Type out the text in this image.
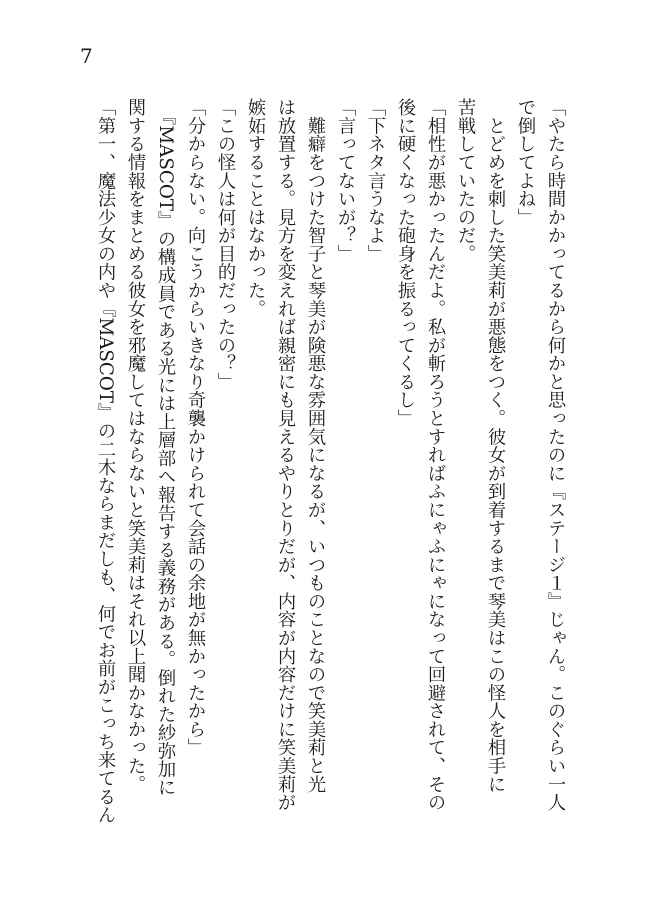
7
「やたら時間かかってるから何かと思ったのに『ステージ１』じゃん。このぐらい一人
で倒してよね」
　とどめを刺した笑美莉が悪態をつく。彼女が到着するまで琴美はこの怪人を相手に
苦戦していたのだ。
「相性が悪かったんだよ。私が斬ろうとすればふにゃふにゃになって回避されて、その
後に硬くなった砲身を振るってくるし」
「下ネタ言うなよ」
「言ってないが？」
　難癖をつけた智子と琴美が険悪な雰囲気になるが、いつものことなので笑美莉と光
は放置する。見方を変えれば親密にも見えるやりとりだが、内容が内容だけに笑美莉が
嫉妬することはなかった。
「この怪人は何が目的だったの？」
「分からない。向こうからいきなり奇襲かけられて会話の余地が無かったから」
　『MASCOT』の構成員である光には上層部へ報告する義務がある。倒れた紗弥加に
関する情報をまとめる彼女を邪魔してはならないと笑美莉はそれ以上聞かなかった。
「第一、魔法少女の内や『MASCOT』の二木ならまだしも、何でお前がこっち来てるん
